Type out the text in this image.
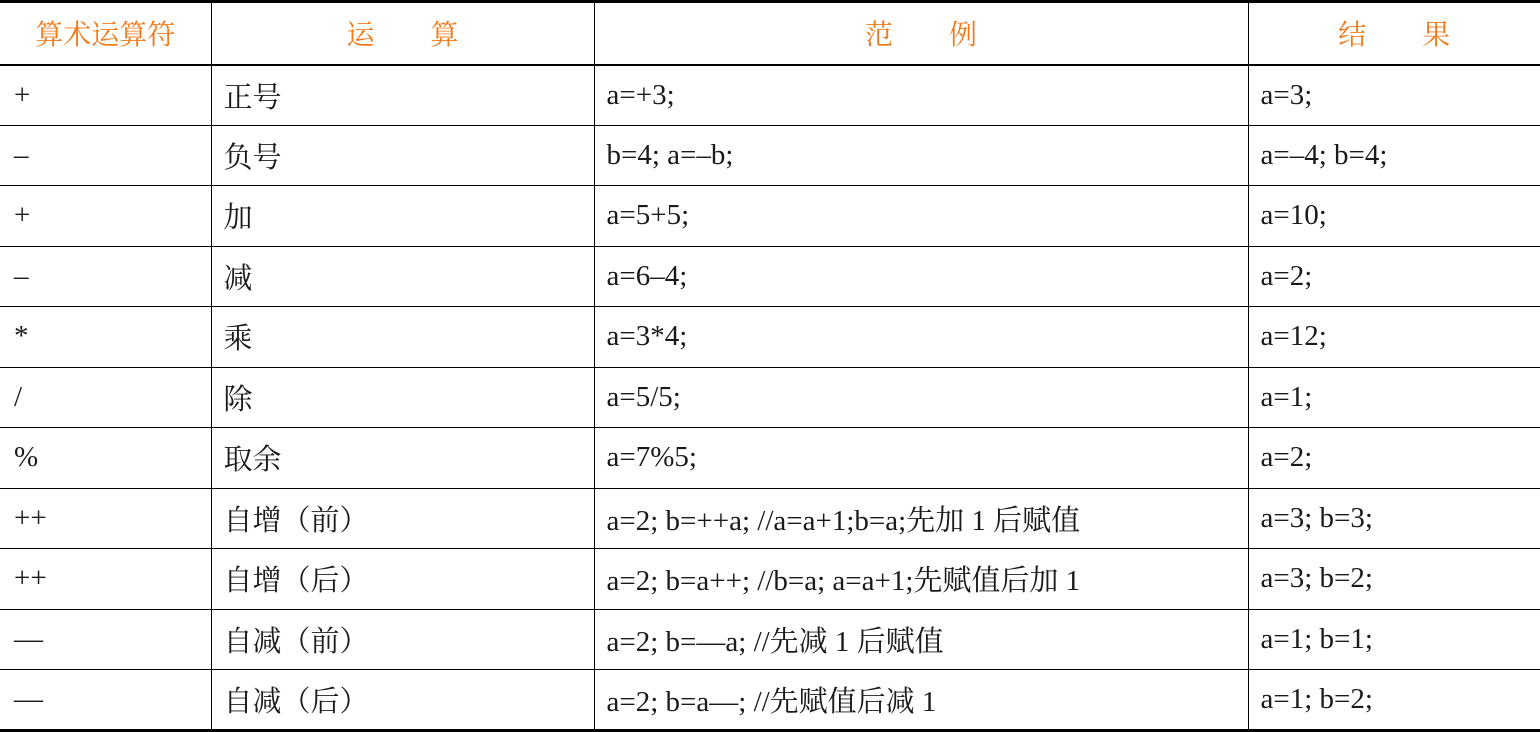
算术运算符	运　　算	范　　例	结　　果
+	正号	a=+3;	a=3;
–	负号	b=4; a=–b;	a=–4; b=4;
+	加	a=5+5;	a=10;
–	减	a=6–4;	a=2;
*	乘	a=3*4;	a=12;
/	除	a=5/5;	a=1;
%	取余	a=7%5;	a=2;
++	自增（前）	a=2; b=++a; //a=a+1;b=a;先加 1 后赋值	a=3; b=3;
++	自增（后）	a=2; b=a++; //b=a; a=a+1;先赋值后加 1	a=3; b=2;
––	自减（前）	a=2; b=––a; //先减 1 后赋值	a=1; b=1;
––	自减（后）	a=2; b=a––; //先赋值后减 1	a=1; b=2;
